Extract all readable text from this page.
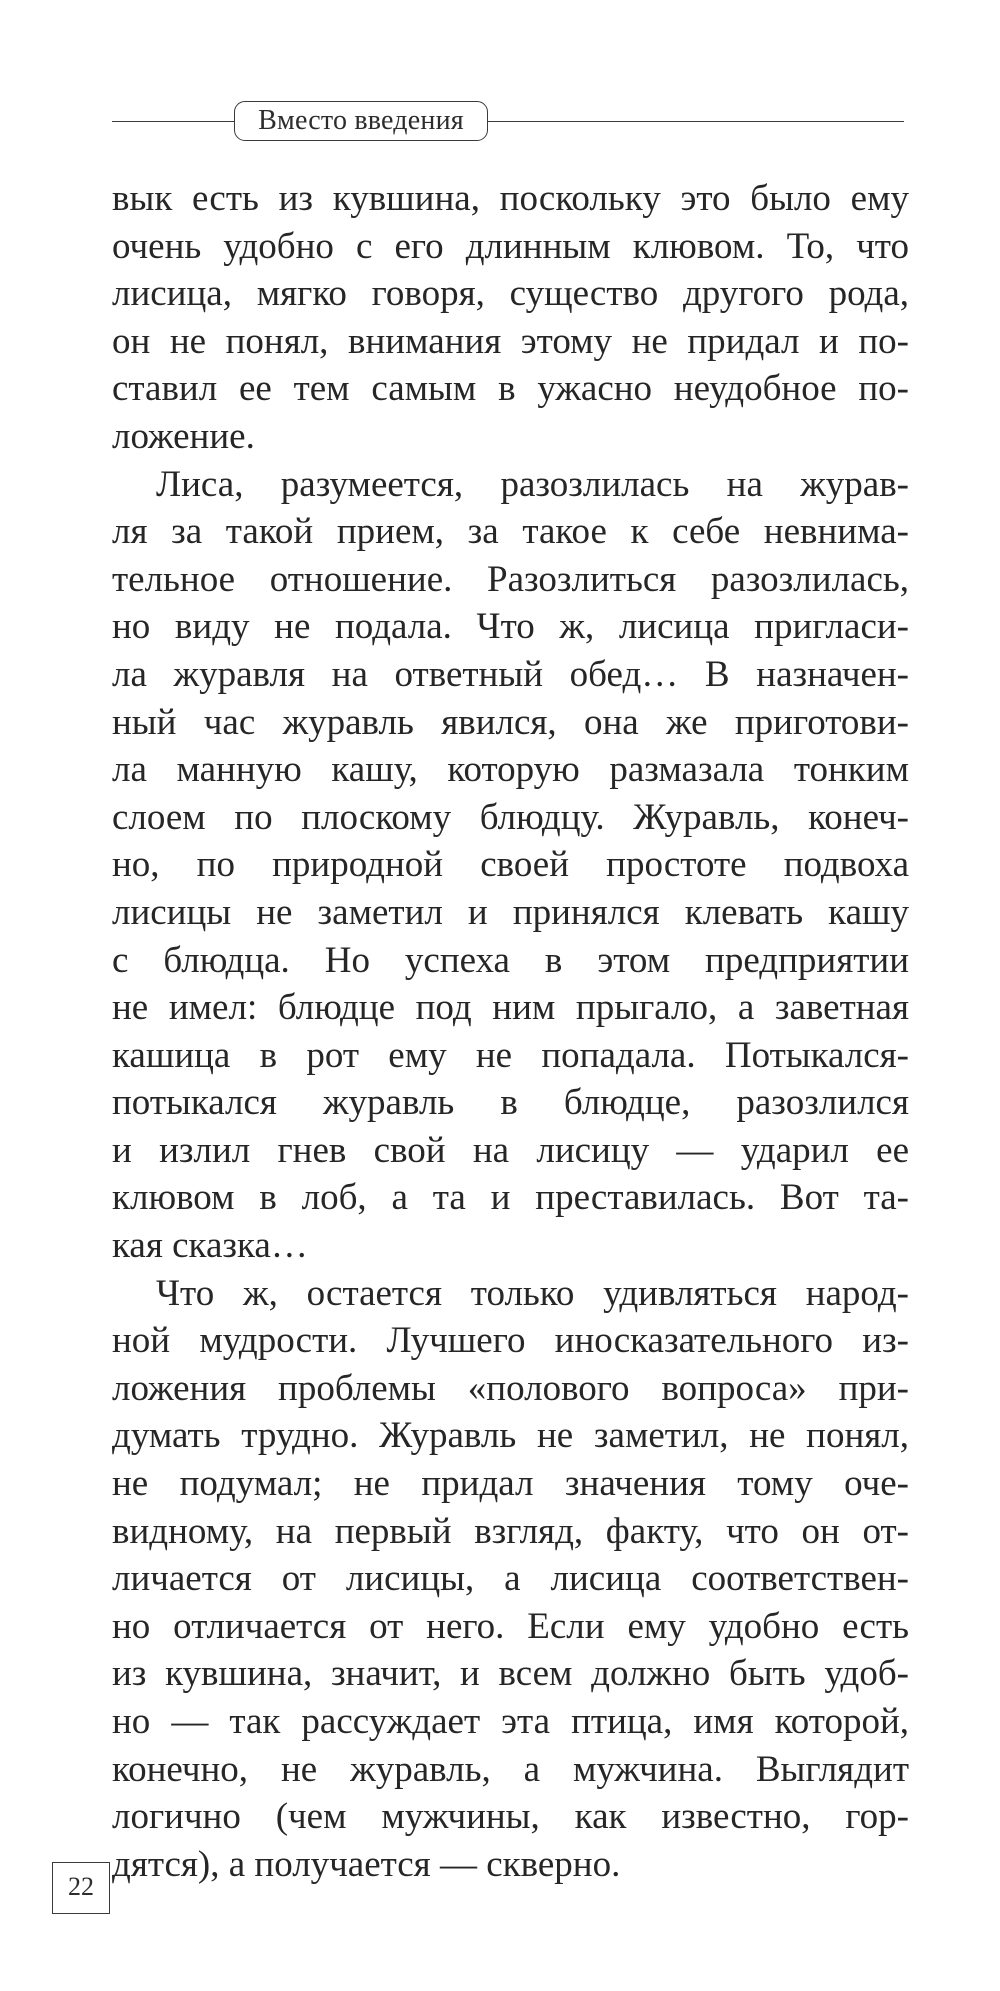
Вместо введения
вык есть из кувшина, поскольку это было ему
очень удобно с его длинным клювом. То, что
лисица, мягко говоря, существо другого рода,
он не понял, внимания этому не придал и по-
ставил ее тем самым в ужасно неудобное по-
ложение.
Лиса, разумеется, разозлилась на журав-
ля за такой прием, за такое к себе невнима-
тельное отношение. Разозлиться разозлилась,
но виду не подала. Что ж, лисица пригласи-
ла журавля на ответный обед… В назначен-
ный час журавль явился, она же приготови-
ла манную кашу, которую размазала тонким
слоем по плоскому блюдцу. Журавль, конеч-
но, по природной своей простоте подвоха
лисицы не заметил и принялся клевать кашу
с блюдца. Но успеха в этом предприятии
не имел: блюдце под ним прыгало, а заветная
кашица в рот ему не попадала. Потыкался-
потыкался журавль в блюдце, разозлился
и излил гнев свой на лисицу — ударил ее
клювом в лоб, а та и преставилась. Вот та-
кая сказка…
Что ж, остается только удивляться народ-
ной мудрости. Лучшего иносказательного из-
ложения проблемы «полового вопроса» при-
думать трудно. Журавль не заметил, не понял,
не подумал; не придал значения тому оче-
видному, на первый взгляд, факту, что он от-
личается от лисицы, а лисица соответствен-
но отличается от него. Если ему удобно есть
из кувшина, значит, и всем должно быть удоб-
но — так рассуждает эта птица, имя которой,
конечно, не журавль, а мужчина. Выглядит
логично (чем мужчины, как известно, гор-
дятся), а получается — скверно.
22
